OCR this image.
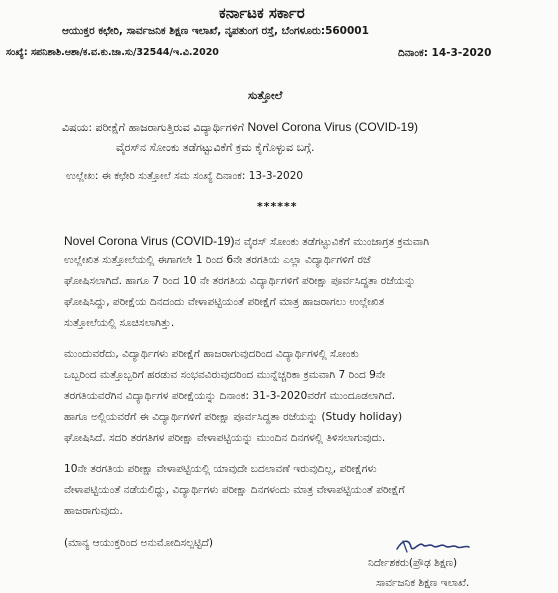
ಕರ್ನಾಟಕ ಸರ್ಕಾರ
ಆಯುಕ್ತರ ಕಛೇರಿ, ಸಾರ್ವಜನಿಕ ಶಿಕ್ಷಣ ಇಲಾಖೆ, ನೃಪತುಂಗ ರಸ್ತೆ, ಬೆಂಗಳೂರು:560001
ಸಂಖ್ಯೆ: ಸಪನಿಶಾಶಿ.ಆಶಾ/ಕ.ವ.ಕು.ಜಾ.ಸು/32544/ಇ.ವಿ.2020	ದಿನಾಂಕ: 14-3-2020
ಸುತ್ತೋಲೆ
ವಿಷಯ: ಪರೀಕ್ಷೆಗೆ ಹಾಜರಾಗುತ್ತಿರುವ ವಿದ್ಯಾರ್ಥಿಗಳಿಗೆ Novel Corona Virus (COVID-19)
ವೈರಸ್‌ನ ಸೋಂಕು ತಡೆಗಟ್ಟುವಿಕೆಗೆ ಕ್ರಮ ಕೈಗೊಳ್ಳುವ ಬಗ್ಗೆ.
ಉಲ್ಲೇಖ: ಈ ಕಛೇರಿ ಸುತ್ತೋಲೆ ಸಮ ಸಂಖ್ಯೆ ದಿನಾಂಕ: 13-3-2020
******
Novel Corona Virus (COVID-19)ನ ವೈರಸ್ ಸೋಂಕು ತಡೆಗಟ್ಟುವಿಕೆಗೆ ಮುಂಜಾಗ್ರತ ಕ್ರಮವಾಗಿ
ಉಲ್ಲೇಖಿತ ಸುತ್ತೋಲೆಯಲ್ಲಿ ಈಗಾಗಲೇ 1 ರಿಂದ 6ನೇ ತರಗತಿಯ ಎಲ್ಲಾ ವಿದ್ಯಾರ್ಥಿಗಳಿಗೆ ರಜೆ
ಘೋಷಿಸಲಾಗಿದೆ. ಹಾಗೂ 7 ರಿಂದ 10 ನೇ ತರಗತಿಯ ವಿದ್ಯಾರ್ಥಿಗಳಿಗೆ ಪರೀಕ್ಷಾ ಪೂರ್ವಸಿದ್ಧತಾ ರಜೆಯನ್ನು
ಘೋಷಿಸಿದ್ದು, ಪರೀಕ್ಷೆಯ ದಿನದಂದು ವೇಳಾಪಟ್ಟಿಯಂತೆ ಪರೀಕ್ಷೆಗೆ ಮಾತ್ರ ಹಾಜರಾಗಲು ಉಲ್ಲೇಖಿತ
ಸುತ್ತೋಲೆಯಲ್ಲಿ ಸೂಚಿಸಲಾಗಿತ್ತು.
ಮುಂದುವರೆದು, ವಿದ್ಯಾರ್ಥಿಗಳು ಪರೀಕ್ಷೆಗೆ ಹಾಜರಾಗುವುದರಿಂದ ವಿದ್ಯಾರ್ಥಿಗಳಲ್ಲಿ ಸೋಂಕು
ಒಬ್ಬರಿಂದ ಮತ್ತೊಬ್ಬರಿಗೆ ಹರಡುವ ಸಂಭವವಿರುವುದರಿಂದ ಮುನ್ನೆಚ್ಚರಿಕಾ ಕ್ರಮವಾಗಿ 7 ರಿಂದ 9ನೇ
ತರಗತಿಯವರೆಗಿನ ವಿದ್ಯಾರ್ಥಿಗಳ ಪರೀಕ್ಷೆಯನ್ನು ದಿನಾಂಕ: 31-3-2020ವರೆಗೆ ಮುಂದೂಡಲಾಗಿದೆ.
ಹಾಗೂ ಅಲ್ಲಿಯವರೆಗೆ ಈ ವಿದ್ಯಾರ್ಥಿಗಳಿಗೆ ಪರೀಕ್ಷಾ ಪೂರ್ವಸಿದ್ಧತಾ ರಜೆಯನ್ನು (Study holiday)
ಘೋಷಿಸಿದೆ. ಸದರಿ ತರಗತಿಗಳ ಪರೀಕ್ಷಾ ವೇಳಾಪಟ್ಟಿಯನ್ನು ಮುಂದಿನ ದಿನಗಳಲ್ಲಿ ತಿಳಿಸಲಾಗುವುದು.
10ನೇ ತರಗತಿಯ ಪರೀಕ್ಷಾ ವೇಳಾಪಟ್ಟಿಯಲ್ಲಿ ಯಾವುದೇ ಬದಲಾವಣೆ ಇರುವುದಿಲ್ಲ, ಪರೀಕ್ಷೆಗಳು
ವೇಳಾಪಟ್ಟಿಯಂತೆ ನಡೆಯಲಿದ್ದು, ವಿದ್ಯಾರ್ಥಿಗಳು ಪರೀಕ್ಷಾ ದಿನಗಳಂದು ಮಾತ್ರ ವೇಳಾಪಟ್ಟಿಯಂತೆ ಪರೀಕ್ಷೆಗೆ
ಹಾಜರಾಗುವುದು.
(ಮಾನ್ಯ ಆಯುಕ್ತರಿಂದ ಅನುಮೋದಿಸಲ್ಪಟ್ಟಿದೆ)
ನಿರ್ದೇಶಕರು(ಪ್ರೌಢ ಶಿಕ್ಷಣ)
ಸಾರ್ವಜನಿಕ ಶಿಕ್ಷಣ ಇಲಾಖೆ.
